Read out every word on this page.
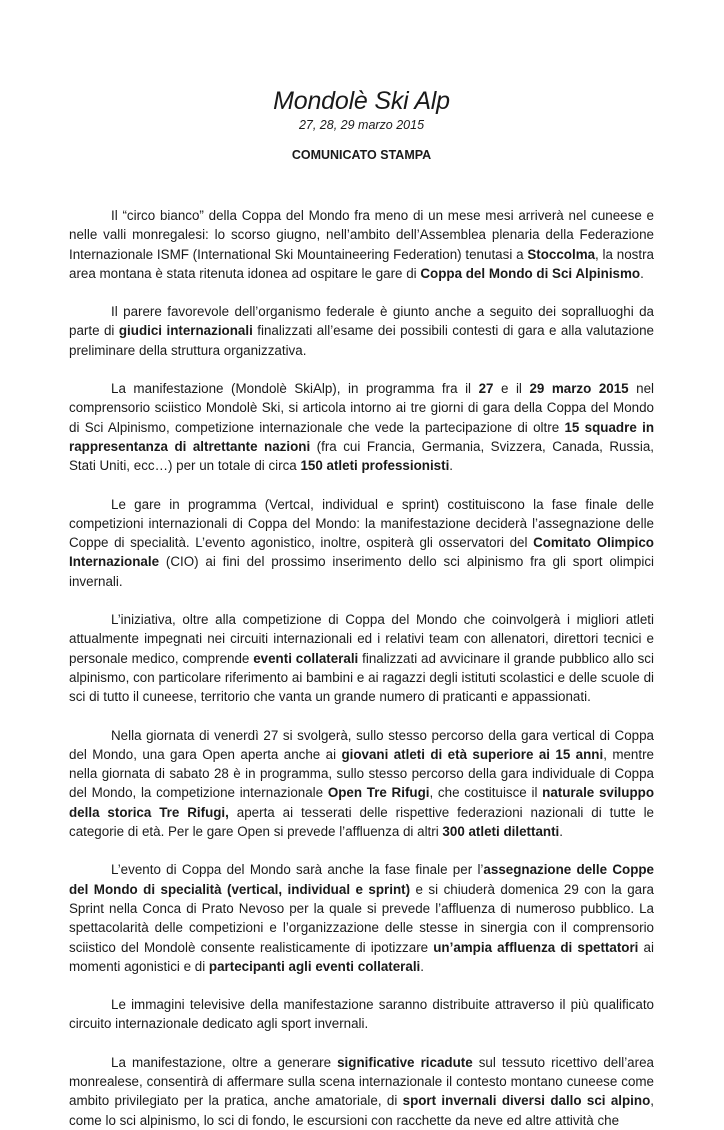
Mondolè Ski Alp
27, 28, 29 marzo 2015
COMUNICATO STAMPA

Il “circo bianco” della Coppa del Mondo fra meno di un mese mesi arriverà nel cuneese e nelle valli monregalesi: lo scorso giugno, nell’ambito dell’Assemblea plenaria della Federazione Internazionale ISMF (International Ski Mountaineering Federation) tenutasi a Stoccolma, la nostra area montana è stata ritenuta idonea ad ospitare le gare di Coppa del Mondo di Sci Alpinismo.

Il parere favorevole dell’organismo federale è giunto anche a seguito dei sopralluoghi da parte di giudici internazionali finalizzati all’esame dei possibili contesti di gara e alla valutazione preliminare della struttura organizzativa.

La manifestazione (Mondolè SkiAlp), in programma fra il 27 e il 29 marzo 2015 nel comprensorio sciistico Mondolè Ski, si articola intorno ai tre giorni di gara della Coppa del Mondo di Sci Alpinismo, competizione internazionale che vede la partecipazione di oltre 15 squadre in rappresentanza di altrettante nazioni (fra cui Francia, Germania, Svizzera, Canada, Russia, Stati Uniti, ecc…) per un totale di circa 150 atleti professionisti.

Le gare in programma (Vertcal, individual e sprint) costituiscono la fase finale delle competizioni internazionali di Coppa del Mondo: la manifestazione deciderà l’assegnazione delle Coppe di specialità. L’evento agonistico, inoltre, ospiterà gli osservatori del Comitato Olimpico Internazionale (CIO) ai fini del prossimo inserimento dello sci alpinismo fra gli sport olimpici invernali.

L’iniziativa, oltre alla competizione di Coppa del Mondo che coinvolgerà i migliori atleti attualmente impegnati nei circuiti internazionali ed i relativi team con allenatori, direttori tecnici e personale medico, comprende eventi collaterali finalizzati ad avvicinare il grande pubblico allo sci alpinismo, con particolare riferimento ai bambini e ai ragazzi degli istituti scolastici e delle scuole di sci di tutto il cuneese, territorio che vanta un grande numero di praticanti e appassionati.

Nella giornata di venerdì 27 si svolgerà, sullo stesso percorso della gara vertical di Coppa del Mondo, una gara Open aperta anche ai giovani atleti di età superiore ai 15 anni, mentre nella giornata di sabato 28 è in programma, sullo stesso percorso della gara individuale di Coppa del Mondo, la competizione internazionale Open Tre Rifugi, che costituisce il naturale sviluppo della storica Tre Rifugi, aperta ai tesserati delle rispettive federazioni nazionali di tutte le categorie di età. Per le gare Open si prevede l’affluenza di altri 300 atleti dilettanti.

L’evento di Coppa del Mondo sarà anche la fase finale per l’assegnazione delle Coppe del Mondo di specialità (vertical, individual e sprint) e si chiuderà domenica 29 con la gara Sprint nella Conca di Prato Nevoso per la quale si prevede l’affluenza di numeroso pubblico. La spettacolarità delle competizioni e l’organizzazione delle stesse in sinergia con il comprensorio sciistico del Mondolè consente realisticamente di ipotizzare un’ampia affluenza di spettatori ai momenti agonistici e di partecipanti agli eventi collaterali.

Le immagini televisive della manifestazione saranno distribuite attraverso il più qualificato circuito internazionale dedicato agli sport invernali.

La manifestazione, oltre a generare significative ricadute sul tessuto ricettivo dell’area monrealese, consentirà di affermare sulla scena internazionale il contesto montano cuneese come ambito privilegiato per la pratica, anche amatoriale, di sport invernali diversi dallo sci alpino, come lo sci alpinismo, lo sci di fondo, le escursioni con racchette da neve ed altre attività che
